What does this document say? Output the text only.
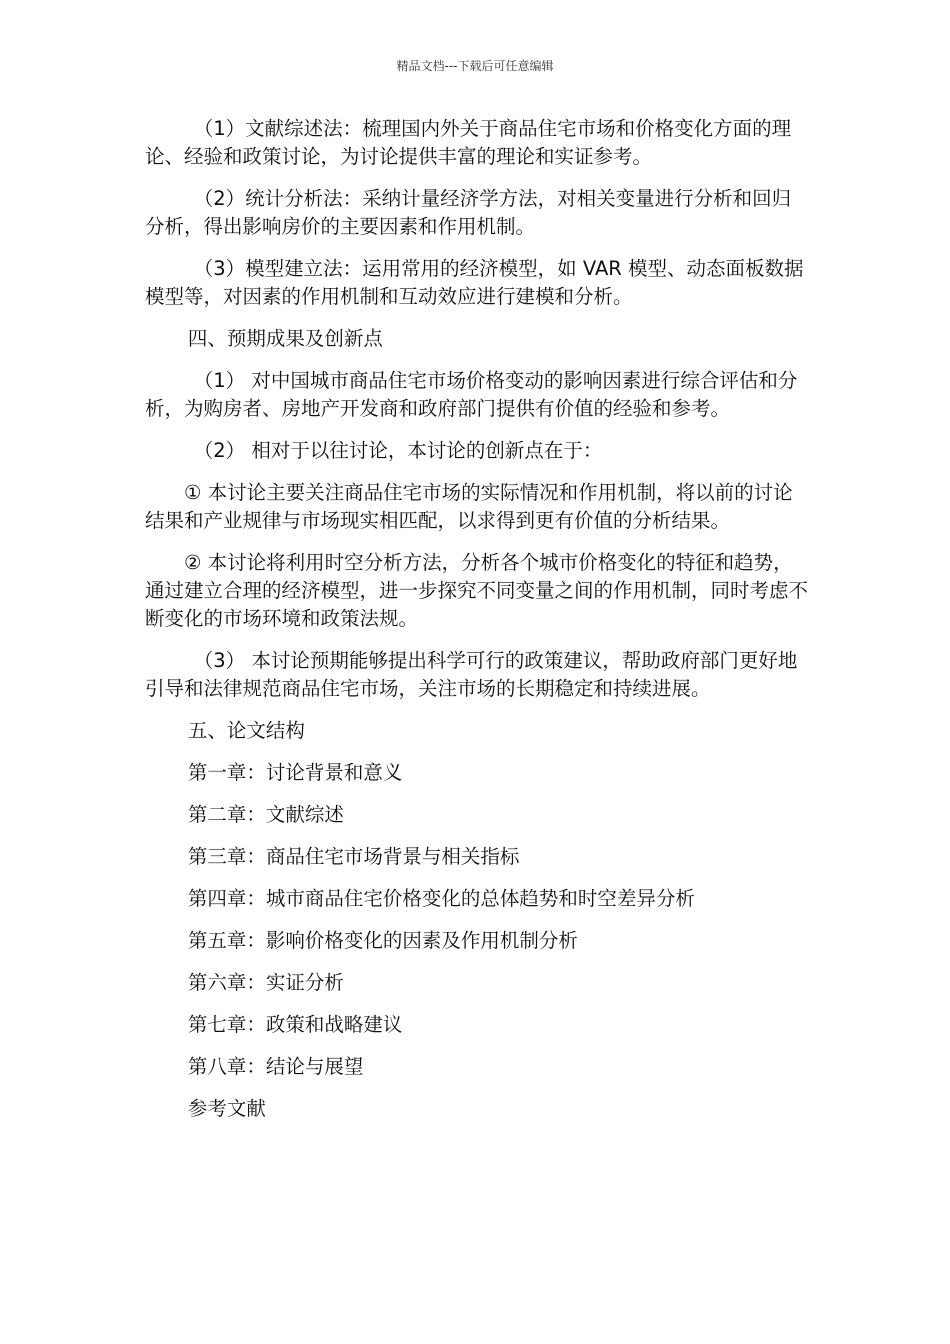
精品文档---下载后可任意编辑

（1）文献综述法：梳理国内外关于商品住宅市场和价格变化方面的理论、经验和政策讨论，为讨论提供丰富的理论和实证参考。

（2）统计分析法：采纳计量经济学方法，对相关变量进行分析和回归分析，得出影响房价的主要因素和作用机制。

（3）模型建立法：运用常用的经济模型，如 VAR 模型、动态面板数据模型等，对因素的作用机制和互动效应进行建模和分析。

四、预期成果及创新点

（1） 对中国城市商品住宅市场价格变动的影响因素进行综合评估和分析，为购房者、房地产开发商和政府部门提供有价值的经验和参考。

（2） 相对于以往讨论，本讨论的创新点在于：

① 本讨论主要关注商品住宅市场的实际情况和作用机制，将以前的讨论结果和产业规律与市场现实相匹配，以求得到更有价值的分析结果。

② 本讨论将利用时空分析方法，分析各个城市价格变化的特征和趋势，通过建立合理的经济模型，进一步探究不同变量之间的作用机制，同时考虑不断变化的市场环境和政策法规。

（3） 本讨论预期能够提出科学可行的政策建议，帮助政府部门更好地引导和法律规范商品住宅市场，关注市场的长期稳定和持续进展。

五、论文结构

第一章：讨论背景和意义

第二章：文献综述

第三章：商品住宅市场背景与相关指标

第四章：城市商品住宅价格变化的总体趋势和时空差异分析

第五章：影响价格变化的因素及作用机制分析

第六章：实证分析

第七章：政策和战略建议

第八章：结论与展望

参考文献
